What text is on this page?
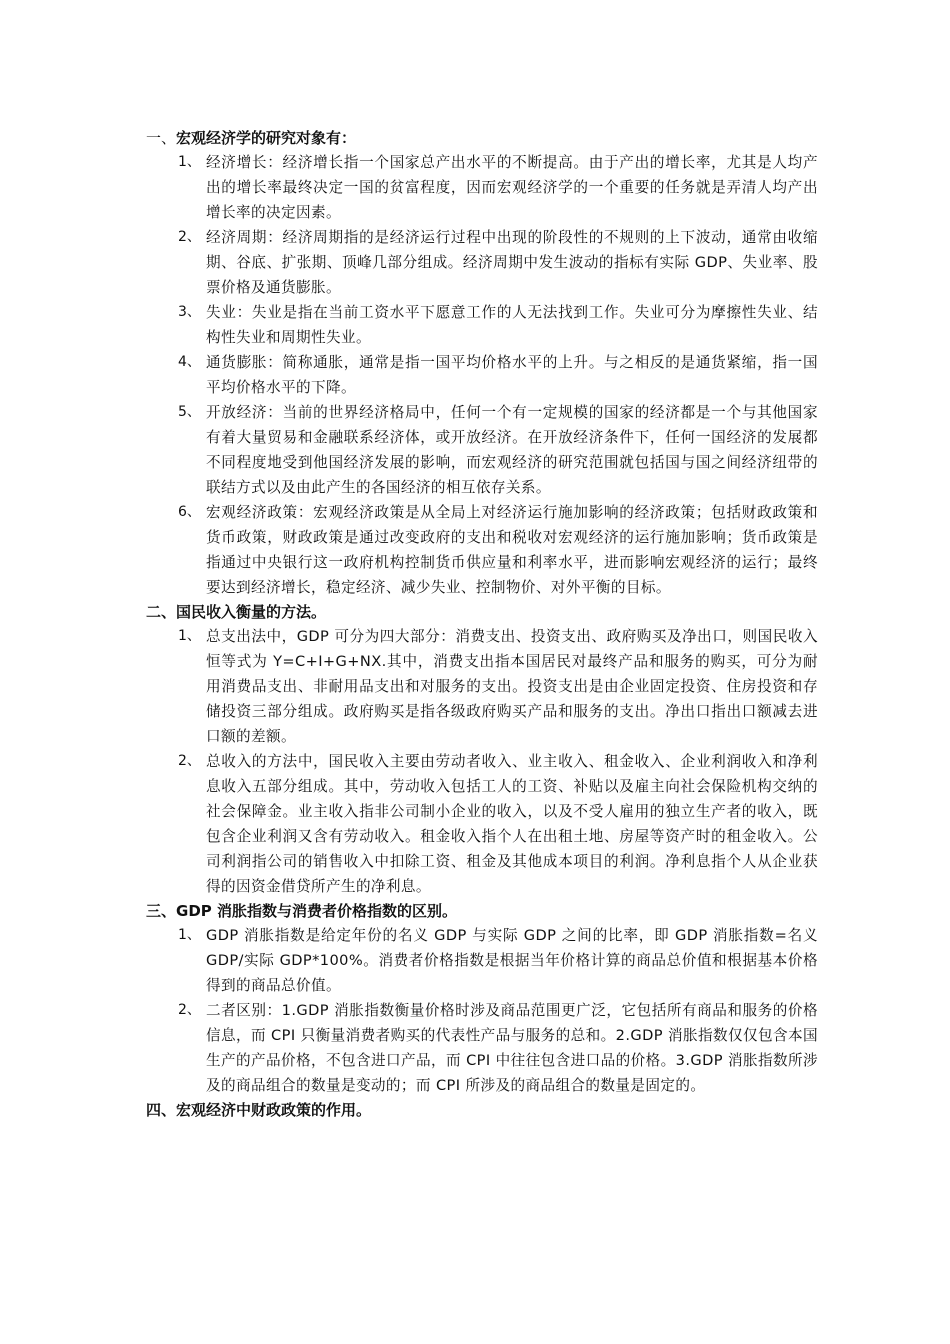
一、宏观经济学的研究对象有：
1、 经济增长：经济增长指一个国家总产出水平的不断提高。由于产出的增长率，尤其是人均产出的增长率最终决定一国的贫富程度，因而宏观经济学的一个重要的任务就是弄清人均产出增长率的决定因素。
2、 经济周期：经济周期指的是经济运行过程中出现的阶段性的不规则的上下波动，通常由收缩期、谷底、扩张期、顶峰几部分组成。经济周期中发生波动的指标有实际 GDP、失业率、股票价格及通货膨胀。
3、 失业：失业是指在当前工资水平下愿意工作的人无法找到工作。失业可分为摩擦性失业、结构性失业和周期性失业。
4、 通货膨胀：简称通胀，通常是指一国平均价格水平的上升。与之相反的是通货紧缩，指一国平均价格水平的下降。
5、 开放经济：当前的世界经济格局中，任何一个有一定规模的国家的经济都是一个与其他国家有着大量贸易和金融联系经济体，或开放经济。在开放经济条件下，任何一国经济的发展都不同程度地受到他国经济发展的影响，而宏观经济的研究范围就包括国与国之间经济纽带的联结方式以及由此产生的各国经济的相互依存关系。
6、 宏观经济政策：宏观经济政策是从全局上对经济运行施加影响的经济政策；包括财政政策和货币政策，财政政策是通过改变政府的支出和税收对宏观经济的运行施加影响；货币政策是指通过中央银行这一政府机构控制货币供应量和利率水平，进而影响宏观经济的运行；最终要达到经济增长，稳定经济、减少失业、控制物价、对外平衡的目标。
二、国民收入衡量的方法。
1、 总支出法中，GDP 可分为四大部分：消费支出、投资支出、政府购买及净出口，则国民收入恒等式为 Y=C+I+G+NX.其中，消费支出指本国居民对最终产品和服务的购买，可分为耐用消费品支出、非耐用品支出和对服务的支出。投资支出是由企业固定投资、住房投资和存储投资三部分组成。政府购买是指各级政府购买产品和服务的支出。净出口指出口额减去进口额的差额。
2、 总收入的方法中，国民收入主要由劳动者收入、业主收入、租金收入、企业利润收入和净利息收入五部分组成。其中，劳动收入包括工人的工资、补贴以及雇主向社会保险机构交纳的社会保障金。业主收入指非公司制小企业的收入，以及不受人雇用的独立生产者的收入，既包含企业利润又含有劳动收入。租金收入指个人在出租土地、房屋等资产时的租金收入。公司利润指公司的销售收入中扣除工资、租金及其他成本项目的利润。净利息指个人从企业获得的因资金借贷所产生的净利息。
三、GDP 消胀指数与消费者价格指数的区别。
1、 GDP 消胀指数是给定年份的名义 GDP 与实际 GDP 之间的比率，即 GDP 消胀指数=名义 GDP/实际 GDP*100%。消费者价格指数是根据当年价格计算的商品总价值和根据基本价格得到的商品总价值。
2、 二者区别：1.GDP 消胀指数衡量价格时涉及商品范围更广泛，它包括所有商品和服务的价格信息，而 CPI 只衡量消费者购买的代表性产品与服务的总和。2.GDP 消胀指数仅仅包含本国生产的产品价格，不包含进口产品，而 CPI 中往往包含进口品的价格。3.GDP 消胀指数所涉及的商品组合的数量是变动的；而 CPI 所涉及的商品组合的数量是固定的。
四、宏观经济中财政政策的作用。
